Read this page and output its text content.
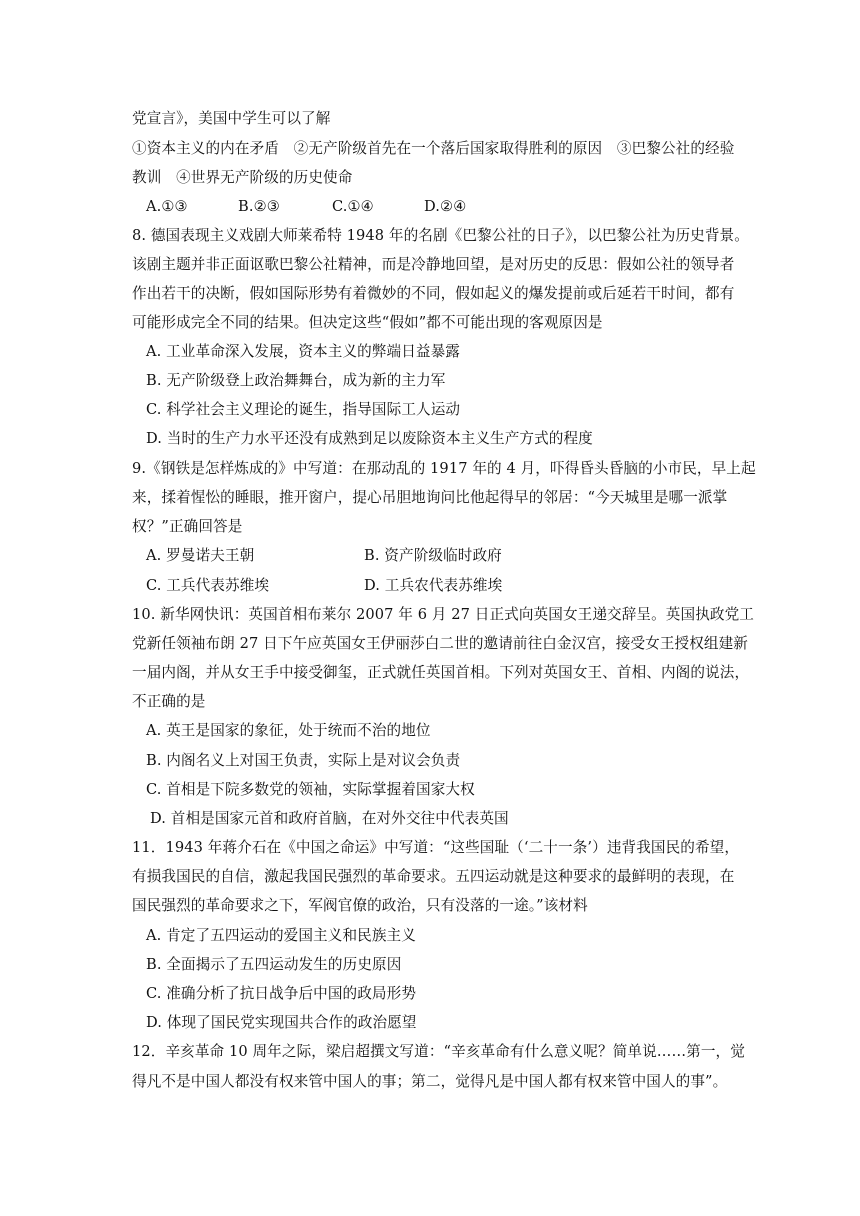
党宣言》，美国中学生可以了解
①资本主义的内在矛盾　②无产阶级首先在一个落后国家取得胜利的原因　③巴黎公社的经验
教训　④世界无产阶级的历史使命
A.①③	B.②③	C.①④	D.②④
8. 德国表现主义戏剧大师莱希特 1948 年的名剧《巴黎公社的日子》，以巴黎公社为历史背景。
该剧主题并非正面讴歌巴黎公社精神，而是冷静地回望，是对历史的反思：假如公社的领导者
作出若干的决断，假如国际形势有着微妙的不同，假如起义的爆发提前或后延若干时间，都有
可能形成完全不同的结果。但决定这些“假如”都不可能出现的客观原因是
A. 工业革命深入发展，资本主义的弊端日益暴露
B. 无产阶级登上政治舞舞台，成为新的主力军
C. 科学社会主义理论的诞生，指导国际工人运动
D. 当时的生产力水平还没有成熟到足以废除资本主义生产方式的程度
9.《钢铁是怎样炼成的》中写道：在那动乱的 1917 年的 4 月，吓得昏头昏脑的小市民，早上起
来，揉着惺忪的睡眼，推开窗户，提心吊胆地询问比他起得早的邻居：“今天城里是哪一派掌
权？”正确回答是
A. 罗曼诺夫王朝	B. 资产阶级临时政府
C. 工兵代表苏维埃	D. 工兵农代表苏维埃
10. 新华网快讯：英国首相布莱尔 2007 年 6 月 27 日正式向英国女王递交辞呈。英国执政党工
党新任领袖布朗 27 日下午应英国女王伊丽莎白二世的邀请前往白金汉宫，接受女王授权组建新
一届内阁，并从女王手中接受御玺，正式就任英国首相。下列对英国女王、首相、内阁的说法，
不正确的是
A. 英王是国家的象征，处于统而不治的地位
B. 内阁名义上对国王负责，实际上是对议会负责
C. 首相是下院多数党的领袖，实际掌握着国家大权
D. 首相是国家元首和政府首脑，在对外交往中代表英国
11．1943 年蒋介石在《中国之命运》中写道：“这些国耻（‘二十一条’）违背我国民的希望，
有损我国民的自信，激起我国民强烈的革命要求。五四运动就是这种要求的最鲜明的表现，在
国民强烈的革命要求之下，军阀官僚的政治，只有没落的一途。”该材料
A. 肯定了五四运动的爱国主义和民族主义
B. 全面揭示了五四运动发生的历史原因
C. 准确分析了抗日战争后中国的政局形势
D. 体现了国民党实现国共合作的政治愿望
12．辛亥革命 10 周年之际，梁启超撰文写道：“辛亥革命有什么意义呢？简单说……第一，觉
得凡不是中国人都没有权来管中国人的事；第二，觉得凡是中国人都有权来管中国人的事”。
